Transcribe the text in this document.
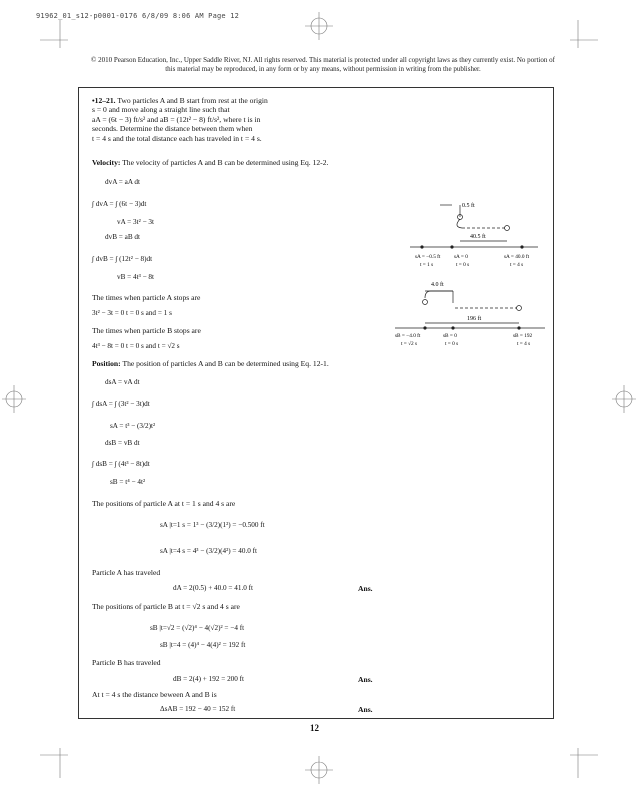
91962_01_s12-p0001-0176 6/8/09 8:06 AM Page 12
© 2010 Pearson Education, Inc., Upper Saddle River, NJ. All rights reserved. This material is protected under all copyright laws as they currently exist. No portion of this material may be reproduced, in any form or by any means, without permission in writing from the publisher.
•12–21. Two particles A and B start from rest at the origin
s = 0 and move along a straight line such that
aA = (6t − 3) ft/s² and aB = (12t² − 8) ft/s², where t is in
seconds. Determine the distance between them when
t = 4 s and the total distance each has traveled in t = 4 s.
Velocity: The velocity of particles A and B can be determined using Eq. 12-2.
dvA = aA dt
∫ dvA = ∫ (6t − 3)dt
vA = 3t² − 3t
dvB = aB dt
∫ dvB = ∫ (12t² − 8)dt
vB = 4t³ − 8t
The times when particle A stops are
3t² − 3t = 0 t = 0 s and = 1 s
The times when particle B stops are
4t³ − 8t = 0 t = 0 s and t = √2 s
Position: The position of particles A and B can be determined using Eq. 12-1.
dsA = vA dt
∫ dsA = ∫ (3t² − 3t)dt
sA = t³ − (3/2)t²
dsB = vB dt
∫ dsB = ∫ (4t³ − 8t)dt
sB = t⁴ − 4t²
The positions of particle A at t = 1 s and 4 s are
sA |t=1 s = 1³ − (3/2)(1²) = −0.500 ft
sA |t=4 s = 4³ − (3/2)(4²) = 40.0 ft
Particle A has traveled
dA = 2(0.5) + 40.0 = 41.0 ft	Ans.
The positions of particle B at t = √2 s and 4 s are
sB |t=√2 = (√2)⁴ − 4(√2)² = −4 ft
sB |t=4 = (4)⁴ − 4(4)² = 192 ft
Particle B has traveled
dB = 2(4) + 192 = 200 ft	Ans.
At t = 4 s the distance beween A and B is
ΔsAB = 192 − 40 = 152 ft	Ans.
0.5 ft
40.5 ft
sA = −0.5 ft
t = 1 s
sA = 0
t = 0 s
sA = 40.0 ft
t = 4 s
4.0 ft
196 ft
sB = −4.0 ft
t = √2 s
sB = 0
t = 0 s
sB = 192
t = 4 s
12
